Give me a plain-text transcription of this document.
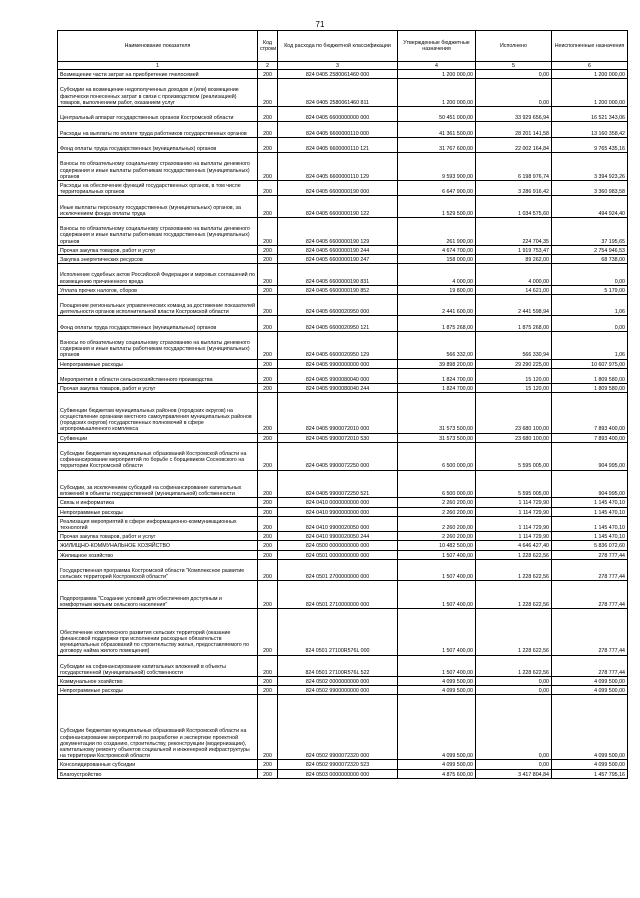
71
Наименование показателя	Код строки	Код расхода по бюджетной классификации	Утвержденные бюджетные назначения	Исполнено	Неисполненные назначения
1	2	3	4	5	6
Возмещение части затрат на приобретение пчелосемей	200	824 0405 2580061460 000	1 200 000,00	0,00	1 200 000,00
Субсидии на возмещение недополученных доходов и (или) возмещение фактически понесенных затрат в связи с производством (реализацией) товаров, выполнением работ, оказанием услуг	200	824 0405 2580061460 811	1 200 000,00	0,00	1 200 000,00
Центральный аппарат государственных органов Костромской области	200	824 0405 6600000000 000	50 451 000,00	33 929 656,94	16 521 343,06
Расходы на выплаты по оплате труда работников государственных органов	200	824 0405 6600000110 000	41 361 500,00	28 201 141,58	13 160 358,42
Фонд оплаты труда государственных (муниципальных) органов	200	824 0405 6600000110 121	31 767 600,00	22 002 164,84	9 765 435,16
Взносы по обязательному социальному страхованию на выплаты денежного содержания и иные выплаты работникам государственных (муниципальных) органов	200	824 0405 6600000110 129	9 593 900,00	6 198 976,74	3 394 923,26
Расходы на обеспечение функций государственных органов, в том числе территориальных органов	200	824 0405 6600000190 000	6 647 900,00	3 286 916,42	3 360 983,58
Иные выплаты персоналу государственных (муниципальных) органов, за исключением фонда оплаты труда	200	824 0405 6600000190 122	1 529 500,00	1 034 575,60	494 924,40
Взносы по обязательному социальному страхованию на выплаты денежного содержания и иные выплаты работникам государственных (муниципальных) органов	200	824 0405 6600000190 129	261 900,00	224 704,35	37 195,65
Прочая закупка товаров, работ и услуг	200	824 0405 6600000190 244	4 674 700,00	1 919 753,47	2 754 946,53
Закупка энергетических ресурсов	200	824 0405 6600000190 247	158 000,00	89 262,00	68 738,00
Исполнение судебных актов Российской Федерации и мировых соглашений по возмещению причиненного вреда	200	824 0405 6600000190 831	4 000,00	4 000,00	0,00
Уплата прочих налогов, сборов	200	824 0405 6600000190 852	19 800,00	14 621,00	5 179,00
Поощрение региональных управленческих команд за достижение показателей деятельности органов исполнительной власти Костромской области	200	824 0405 6600020950 000	2 441 600,00	2 441 598,94	1,06
Фонд оплаты труда государственных (муниципальных) органов	200	824 0405 6600020950 121	1 875 268,00	1 875 268,00	0,00
Взносы по обязательному социальному страхованию на выплаты денежного содержания и иные выплаты работникам государственных (муниципальных) органов	200	824 0405 6600020950 129	566 332,00	566 330,94	1,06
Непрограммные расходы	200	824 0405 9900000000 000	39 898 200,00	29 290 225,00	10 607 975,00
Мероприятия в области сельскохозяйственного производства	200	824 0405 9900080040 000	1 824 700,00	15 120,00	1 809 580,00
Прочая закупка товаров, работ и услуг	200	824 0405 9900080040 244	1 824 700,00	15 120,00	1 809 580,00
Субвенции бюджетам муниципальных районов (городских округов) на осуществление органами местного самоуправления муниципальных районов (городских округов) государственных полномочий в сфере агропромышленного комплекса	200	824 0405 9900072010 000	31 573 500,00	23 680 100,00	7 893 400,00
Субвенции	200	824 0405 9900072010 530	31 573 500,00	23 680 100,00	7 893 400,00
Субсидии бюджетам муниципальных образований Костромской области на софинансирование мероприятий по борьбе с борщевиком Сосновского на территории Костромской области	200	824 0405 9900072250 000	6 500 000,00	5 595 005,00	904 995,00
Субсидии, за исключением субсидий на софинансирование капитальных вложений в объекты государственной (муниципальной) собственности	200	824 0405 9900072250 521	6 500 000,00	5 595 005,00	904 995,00
Связь и информатика	200	824 0410 0000000000 000	2 260 200,00	1 114 729,90	1 145 470,10
Непрограммные расходы	200	824 0410 9900000000 000	2 260 200,00	1 114 729,90	1 145 470,10
Реализация мероприятий в сфере информационно-коммуникационных технологий	200	824 0410 9900020050 000	2 260 200,00	1 114 729,90	1 145 470,10
Прочая закупка товаров, работ и услуг	200	824 0410 9900020050 244	2 260 200,00	1 114 729,90	1 145 470,10
ЖИЛИЩНО-КОММУНАЛЬНОЕ ХОЗЯЙСТВО	200	824 0500 0000000000 000	10 482 500,00	4 646 427,40	5 836 072,60
Жилищное хозяйство	200	824 0501 0000000000 000	1 507 400,00	1 228 622,56	278 777,44
Государственная программа Костромской области "Комплексное развитие сельских территорий Костромской области"	200	824 0501 2700000000 000	1 507 400,00	1 228 622,56	278 777,44
Подпрограмма "Создание условий для обеспечения доступным и комфортным жильем сельского населения"	200	824 0501 2710000000 000	1 507 400,00	1 228 622,56	278 777,44
Обеспечение комплексного развития сельских территорий (оказание финансовой поддержки при исполнении расходных обязательств муниципальных образований по строительству жилья, предоставляемого по договору найма жилого помещения)	200	824 0501 27100R576L 000	1 507 400,00	1 228 622,56	278 777,44
Субсидии на софинансирование капитальных вложений в объекты государственной (муниципальной) собственности	200	824 0501 27100R576L 522	1 507 400,00	1 228 622,56	278 777,44
Коммунальное хозяйство	200	824 0502 0000000000 000	4 099 500,00	0,00	4 099 500,00
Непрограммные расходы	200	824 0502 9900000000 000	4 099 500,00	0,00	4 099 500,00
Субсидии бюджетам муниципальных образований Костромской области на софинансирование мероприятий по разработке и экспертизе проектной документации по созданию, строительству, реконструкции (модернизации), капитальному ремонту объектов социальной и инженерной инфраструктуры на территории Костромской области	200	824 0502 9900072320 000	4 099 500,00	0,00	4 099 500,00
Консолидированные субсидии	200	824 0502 9900072320 523	4 099 500,00	0,00	4 099 500,00
Благоустройство	200	824 0503 0000000000 000	4 875 600,00	3 417 804,84	1 457 795,16
